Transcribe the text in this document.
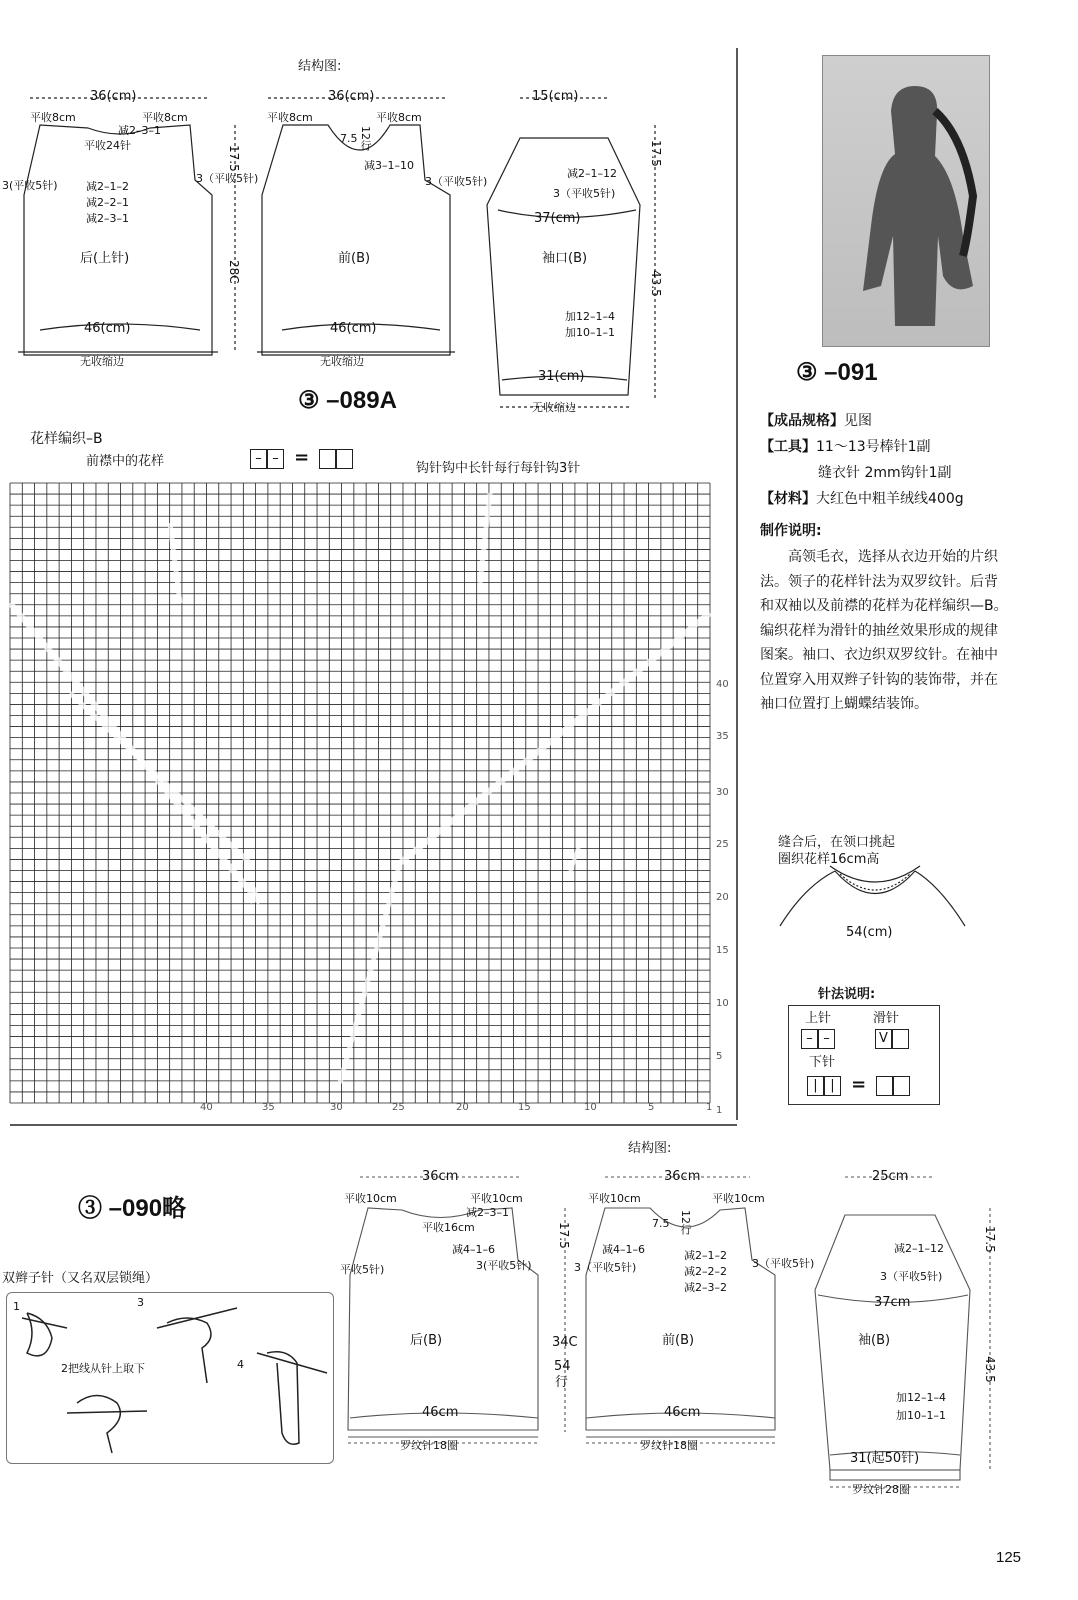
结构图:
36(cm)
平收8cm	平收8cm
减2–3–1
平收24针
3(平收5针)
3（平收5针)
减2–1–2
减2–2–1
减2–3–1
后(上针)
46(cm)
无收缩边
17.5
28C
36(cm)
平收8cm	平收8cm
7.5 12行
减3–1–10
3（平收5针)
前(B)
46(cm)
无收缩边
15(cm)
减2–1–12
3（平收5针)
37(cm)
袖口(B)
加12–1–4
加10–1–1
31(cm)
无收缩边
17.5
43.5
③ –089A
花样编织–B
前襟中的花样	– – =
钩针钩中长针每行每针钩3针
40
35
30
25
20
15
10
5
1
40	35	30	25	20	15	10	5	1
③ –091
【成品规格】见图
【工具】11～13号棒针1副
缝衣针 2mm钩针1副
【材料】大红色中粗羊绒线400g
制作说明:
高领毛衣，选择从衣边开始的片织法。领子的花样针法为双罗纹针。后背和双袖以及前襟的花样为花样编织—B。编织花样为滑针的抽丝效果形成的规律图案。袖口、衣边织双罗纹针。在袖中位置穿入用双辫子针钩的装饰带，并在袖口位置打上蝴蝶结装饰。
缝合后，在领口挑起
圈织花样16cm高
54(cm)
针法说明:
上针
– –
滑针
V
下针
| | =
结构图:
③ –090略
双辫子针（又名双层锁绳）
1	3
2把线从针上取下	4
36cm
平收10cm	平收10cm
减2–3–1
平收16cm
减4–1–6
平收5针)	3(平收5针)
后(B)
46cm
罗纹针18圈
17.5
34C
54
行
36cm
平收10cm	平收10cm
7.5 12行
减4–1–6
3（平收5针)	3（平收5针)
减2–1–2
减2–2–2
减2–3–2
前(B)
46cm
罗纹针18圈
25cm
减2–1–12
3（平收5针)
37cm
袖(B)
加12–1–4
加10–1–1
31(起50针)
罗纹针28圈
17.5
43.5
125
